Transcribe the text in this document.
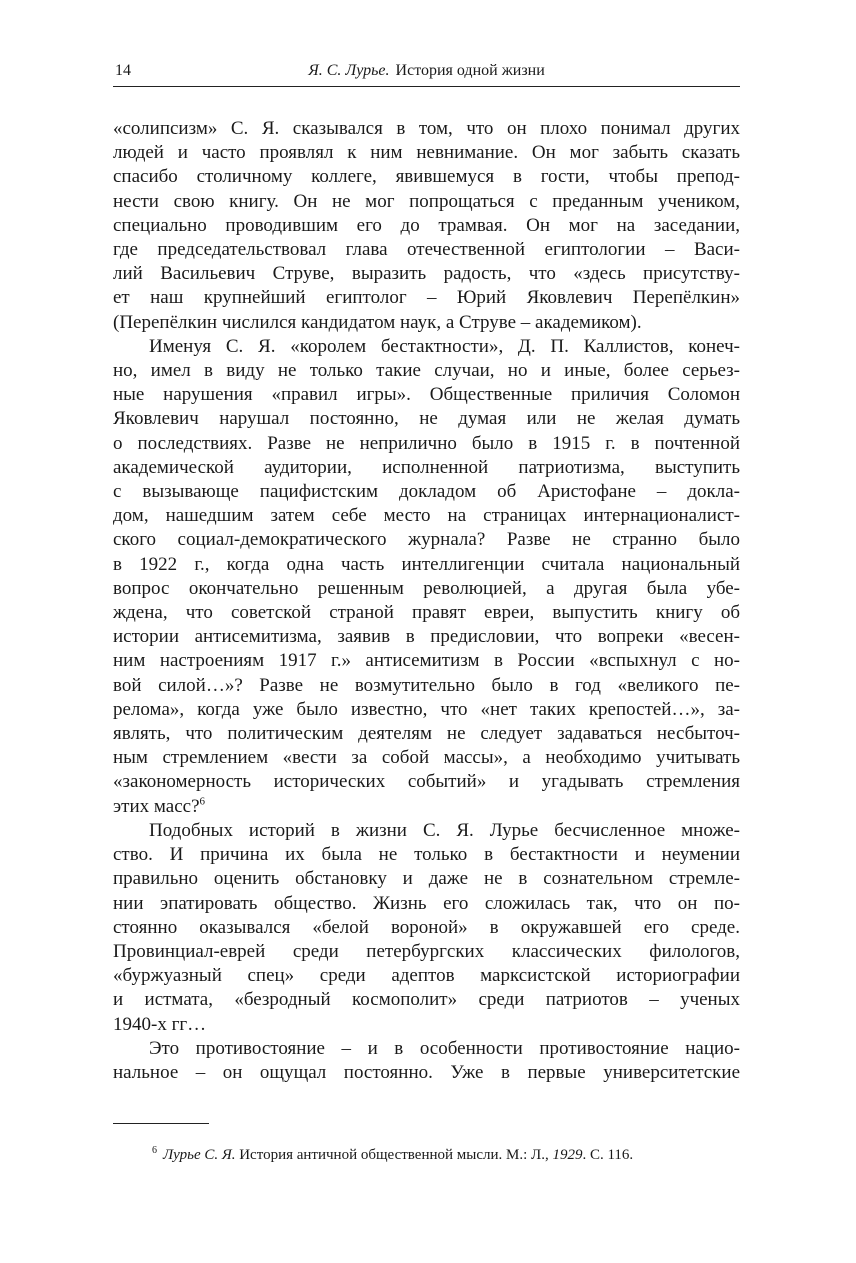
14	Я. С. Лурье. История одной жизни

«солипсизм» С. Я. сказывался в том, что он плохо понимал других
людей и часто проявлял к ним невнимание. Он мог забыть сказать
спасибо столичному коллеге, явившемуся в гости, чтобы препод-
нести свою книгу. Он не мог попрощаться с преданным учеником,
специально проводившим его до трамвая. Он мог на заседании,
где председательствовал глава отечественной египтологии – Васи-
лий Васильевич Струве, выразить радость, что «здесь присутству-
ет наш крупнейший египтолог – Юрий Яковлевич Перепёлкин»
(Перепёлкин числился кандидатом наук, а Струве – академиком).

Именуя С. Я. «королем бестактности», Д. П. Каллистов, конеч-
но, имел в виду не только такие случаи, но и иные, более серьез-
ные нарушения «правил игры». Общественные приличия Соломон
Яковлевич нарушал постоянно, не думая или не желая думать
о последствиях. Разве не неприлично было в 1915 г. в почтенной
академической аудитории, исполненной патриотизма, выступить
с вызывающе пацифистским докладом об Аристофане – доклa-
дом, нашедшим затем себе место на страницах интернационалист-
ского социал-демократического журнала? Разве не странно было
в 1922 г., когда одна часть интеллигенции считала национальный
вопрос окончательно решенным революцией, а другая была убе-
ждена, что советской страной правят евреи, выпустить книгу об
истории антисемитизма, заявив в предисловии, что вопреки «весен-
ним настроениям 1917 г.» антисемитизм в России «вспыхнул с но-
вой силой…»? Разве не возмутительно было в год «великого пе-
релома», когда уже было известно, что «нет таких крепостей…», за-
являть, что политическим деятелям не следует задаваться несбыточ-
ным стремлением «вести за собой массы», а необходимо учитывать
«закономерность исторических событий» и угадывать стремления
этих масс?$^6$

Подобных историй в жизни С. Я. Лурье бесчисленное множе-
ство. И причина их была не только в бестактности и неумении
правильно оценить обстановку и даже не в сознательном стремле-
нии эпатировать общество. Жизнь его сложилась так, что он по-
стоянно оказывался «белой вороной» в окружавшей его среде.
Провинциал-еврей среди петербургских классических филологов,
«буржуазный спец» среди адептов марксистской историографии
и истмата, «безродный космополит» среди патриотов – ученых
1940-х гг…

Это противостояние – и в особенности противостояние нацио-
нальное – он ощущал постоянно. Уже в первые университетские

$^6$ Лурье С. Я. История античной общественной мысли. М.: Л., 1929. С. 116.
